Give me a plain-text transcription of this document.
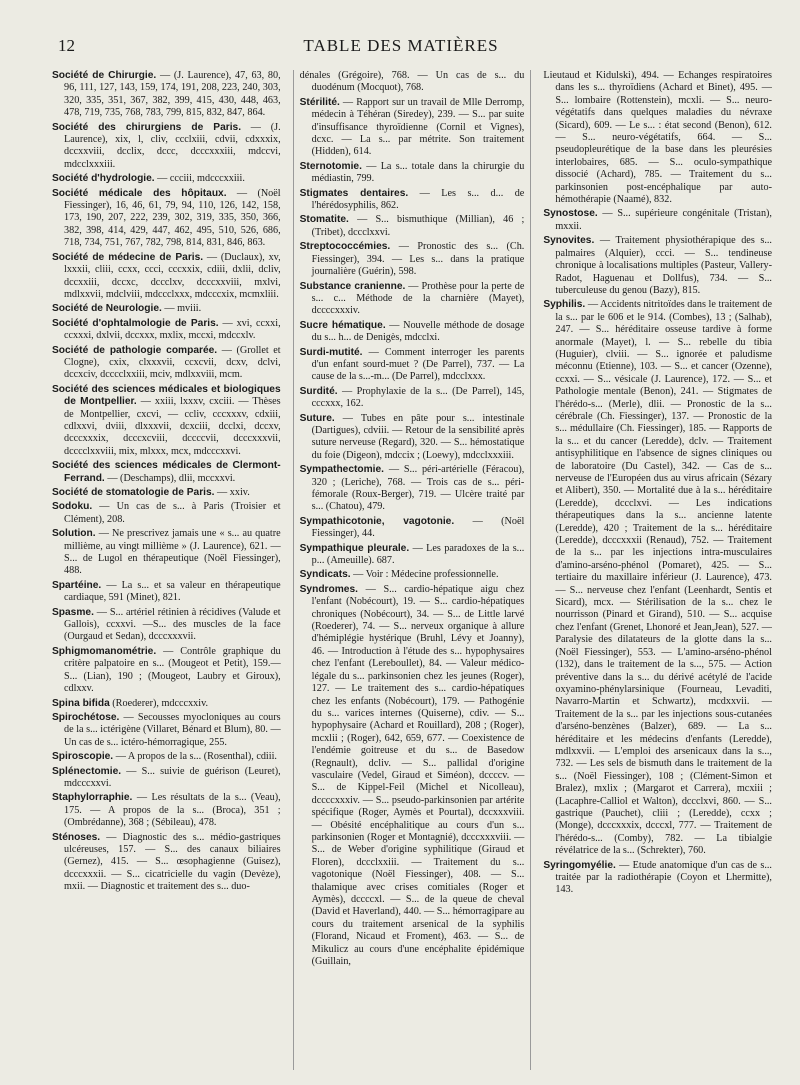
12	TABLE DES MATIÈRES

Société de Chirurgie. — (J. Laurence), 47, 63, 80, 96, 111, 127, 143, 159, 174, 191, 208, 223, 240, 303, 320, 335, 351, 367, 382, 399, 415, 430, 448, 463, 478, 719, 735, 768, 783, 799, 815, 832, 847, 864.

Société des chirurgiens de Paris. — (J. Laurence), xix, l, cliv, ccclxiii, cdvii, cdxxxix, dccxxviii, dcclix, dccc, dcccxxxiii, mdccvi, mdcclxxxiii.

Société d'hydrologie. — ccciii, mdcccxxiii.

Société médicale des hôpitaux. — (Noël Fiessinger), 16, 46, 61, 79, 94, 110, 126, 142, 158, 173, 190, 207, 222, 239, 302, 319, 335, 350, 366, 382, 398, 414, 429, 447, 462, 495, 510, 526, 686, 718, 734, 751, 767, 782, 798, 814, 831, 846, 863.

Société de médecine de Paris. — (Duclaux), xv, lxxxii, cliii, ccxx, ccci, cccxxix, cdiii, dxlii, dcliv, dccxxiii, dccxc, dccclxv, dcccxxviii, mxlvi, mdlxxvii, mdclviii, mdccclxxx, mdcccxix, mcmxliii.

Société de Neurologie. — mviii.

Société d'ophtalmologie de Paris. — xvi, ccxxi, ccxxxi, dxlvii, dccxxx, mxlix, mccxi, mdccxlv.

Société de pathologie comparée. — (Grollet et Clogne), cxix, clxxxvii, ccxcvii, dcxv, dclvi, dccxciv, dcccclxxiii, mciv, mdlxxviii, mcm.

Société des sciences médicales et biologiques de Montpellier. — xxiii, lxxxv, cxciii. — Thèses de Montpellier, cxcvi, — ccliv, cccxxxv, cdxiii, cdlxxvi, dviii, dlxxxvii, dcxciii, dcclxi, dccxv, dcccxxxix, dcccxcviii, dccccvii, dcccxxxvii, dcccclxxviii, mix, mlxxx, mcx, mdcccxxvi.

Société des sciences médicales de Clermont-Ferrand. — (Deschamps), dlii, mccxxvi.

Société de stomatologie de Paris. — xxiv.

Sodoku. — Un cas de s... à Paris (Troisier et Clément), 208.

Solution. — Ne prescrivez jamais une « s... au quatre millième, au vingt millième » (J. Laurence), 621. — S... de Lugol en thérapeutique (Noël Fiessinger), 488.

Spartéine. — La s... et sa valeur en thérapeutique cardiaque, 591 (Minet), 821.

Spasme. — S... artériel rétinien à récidives (Valude et Gallois), ccxxvi. —S... des muscles de la face (Ourgaud et Sedan), dcccxxxvii.

Sphigmomanométrie. — Contrôle graphique du critère palpatoire en s... (Mougeot et Petit), 159.—S... (Lian), 190 ; (Mougeot, Laubry et Giroux), cdlxxv.

Spina bifida (Roederer), mdcccxxiv.

Spirochétose. — Secousses myocloniques au cours de la s... ictérigène (Villaret, Bénard et Blum), 80. — Un cas de s... ictéro-hémorragique, 255.

Spiroscopie. — A propos de la s... (Rosenthal), cdiii.

Splénectomie. — S... suivie de guérison (Leuret), mdcccxxvi.

Staphylorraphie. — Les résultats de la s... (Veau), 175. — A propos de la s... (Broca), 351 ; (Ombrédanne), 368 ; (Sébileau), 478.

Sténoses. — Diagnostic des s... médio-gastriques ulcéreuses, 157. — S... des canaux biliaires (Gernez), 415. — S... œsophagienne (Guisez), dcccxxxii. — S... cicatricielle du vagin (Devèze), mxii. — Diagnostic et traitement des s... duo-

dénales (Grégoire), 768. — Un cas de s... du duodénum (Mocquot), 768.

Stérilité. — Rapport sur un travail de Mlle Derromp, médecin à Téhéran (Siredey), 239. — S... par suite d'insuffisance thyroïdienne (Cornil et Vignes), dcxc. — La s... par métrite. Son traitement (Hidden), 614.

Sternotomie. — La s... totale dans la chirurgie du médiastin, 799.

Stigmates dentaires. — Les s... d... de l'hérédosyphilis, 862.

Stomatite. — S... bismuthique (Millian), 46 ; (Tribet), dccclxxvi.

Streptococcémies. — Pronostic des s... (Ch. Fiessinger), 394. — Les s... dans la pratique journalière (Guérin), 598.

Substance cranienne. — Prothèse pour la perte de s... c... Méthode de la charnière (Mayet), dccccxxxiv.

Sucre hématique. — Nouvelle méthode de dosage du s... h... de Denigès, mdcclxi.

Surdi-mutité. — Comment interroger les parents d'un enfant sourd-muet ? (De Parrel), 737. — La cause de la s...-m... (De Parrel), mdcclxxx.

Surdité. — Prophylaxie de la s... (De Parrel), 145, cccxxx, 162.

Suture. — Tubes en pâte pour s... intestinale (Dartigues), cdviii. — Retour de la sensibilité après suture nerveuse (Regard), 320. — S... hémostatique du foie (Digeon), mdccix ; (Loewy), mdcclxxxiii.

Sympathectomie. — S... péri-artérielle (Féracou), 320 ; (Leriche), 768. — Trois cas de s... péri-fémorale (Roux-Berger), 719. — Ulcère traité par s... (Chatou), 479.

Sympathicotonie, vagotonie. — (Noël Fiessinger), 44.

Sympathique pleurale. — Les paradoxes de la s... p... (Ameuille). 687.

Syndicats. — Voir : Médecine professionnelle.

Syndromes. — S... cardio-hépatique aigu chez l'enfant (Nobécourt), 19. — S... cardio-hépatiques chroniques (Nobécourt), 34. — S... de Little larvé (Roederer), 74. — S... nerveux organique à allure d'hémiplégie hystérique (Bruhl, Lévy et Joanny), 46. — Introduction à l'étude des s... hypophysaires chez l'enfant (Lereboullet), 84. — Valeur médico-légale du s... parkinsonien chez les jeunes (Roger), 127. — Le traitement des s... cardio-hépatiques chez les enfants (Nobécourt), 179. — Pathogénie du s... varices internes (Quiserne), cdiv. — S... hypophysaire (Achard et Rouillard), 208 ; (Roger), mcxlii ; (Roger), 642, 659, 677. — Coexistence de l'endémie goitreuse et du s... de Basedow (Regnault), dcliv. — S... pallidal d'origine vasculaire (Vedel, Giraud et Siméon), dccccv. — S... de Kippel-Feil (Michel et Nicolleau), dccccxxxiv. — S... pseudo-parkinsonien par artérite spécifique (Roger, Aymès et Pourtal), dccxxxviii. — Obésité encéphalitique au cours d'un s... parkinsonien (Roger et Montagnié), dcccxxxviii. — S... de Weber d'origine syphilitique (Giraud et Floren), dccclxxiii. — Traitement du s... vagotonique (Noël Fiessinger), 408. — S... thalamique avec crises comitiales (Roger et Aymès), dccccxl. — S... de la queue de cheval (David et Haverland), 440. — S... hémorragipare au cours du traitement arsenical de la syphilis (Florand, Nicaud et Froment), 463. — S... de Mikulicz au cours d'une encéphalite épidémique (Guillain,

Lieutaud et Kidulski), 494. — Echanges respiratoires dans les s... thyroïdiens (Achard et Binet), 495. — S... lombaire (Rottenstein), mcxli. — S... neuro-végétatifs dans quelques maladies du névraxe (Sicard), 609. — Le s... : état second (Benon), 612. — S... neuro-végétatifs, 664. — S... pseudopleurétique de la base dans les pleurésies interlobaires, 685. — S... oculo-sympathique dissocié (Achard), 785. — Traitement du s... parkinsonien post-encéphalique par auto-hémothérapie (Naamé), 832.

Synostose. — S... supérieure congénitale (Tristan), mxxii.

Synovites. — Traitement physiothérapique des s... palmaires (Alquier), ccci. — S... tendineuse chronique à localisations multiples (Pasteur, Vallery-Radot, Haguenau et Dollfus), 734. — S... tuberculeuse du genou (Bazy), 815.

Syphilis. — Accidents nitritoïdes dans le traitement de la s... par le 606 et le 914. (Combes), 13 ; (Salhab), 247. — S... héréditaire osseuse tardive à forme anormale (Mayet), l. — S... rebelle du tibia (Huguier), clviii. — S... ignorée et paludisme méconnu (Etienne), 103. — S... et cancer (Ozenne), ccxxi. — S... vésicale (J. Laurence), 172. — S... et Pathologie mentale (Benon), 241. — Stigmates de l'hérédo-s... (Merle), dlii. — Pronostic de la s... cérébrale (Ch. Fiessinger), 137. — Pronostic de la s... médullaire (Ch. Fiessinger), 185. — Rapports de la s... et du cancer (Leredde), dclv. — Traitement antisyphilitique en l'absence de signes cliniques ou de laboratoire (Du Castel), 342. — Cas de s... nerveuse de l'Européen dus au virus africain (Sézary et Alibert), 350. — Mortalité due à la s... héréditaire (Leredde), dccclxvi. — Les indications thérapeutiques dans la s... ancienne latente (Leredde), 420 ; Traitement de la s... héréditaire (Leredde), dcccxxxii (Renaud), 752. — Traitement de la s... par les injections intra-musculaires d'amino-arséno-phénol (Pomaret), 425. — S... tertiaire du maxillaire inférieur (J. Laurence), 473. — S... nerveuse chez l'enfant (Leenhardt, Sentis et Sicard), mcx. — Stérilisation de la s... chez le nourrisson (Pinard et Girand), 510. — S... acquise chez l'enfant (Grenet, Lhonoré et Jean,Jean), 527. — Paralysie des dilatateurs de la glotte dans la s... (Noël Fiessinger), 553. — L'amino-arséno-phénol (132), dans le traitement de la s..., 575. — Action préventive dans la s... du dérivé acétylé de l'acide oxyamino-phénylarsinique (Fourneau, Levaditi, Navarro-Martin et Schwartz), mcdxxvii. — Traitement de la s... par les injections sous-cutanées d'arséno-benzènes (Balzer), 689. — La s... héréditaire et les médecins d'enfants (Leredde), mdlxxvii. — L'emploi des arsenicaux dans la s..., 732. — Les sels de bismuth dans le traitement de la s... (Noël Fiessinger), 108 ; (Clément-Simon et Bralez), mxlix ; (Margarot et Carrera), mcxiii ; (Lacaphre-Calliol et Walton), dccclxvi, 860. — S... gastrique (Pauchet), cliii ; (Leredde), ccxx ; (Monge), dcccxxxix, dcccxl, 777. — Traitement de l'hérédo-s... (Comby), 782. — La tibialgie révélatrice de la s... (Schrekter), 760.

Syringomyélie. — Etude anatomique d'un cas de s... traitée par la radiothérapie (Coyon et Lhermitte), 143.
